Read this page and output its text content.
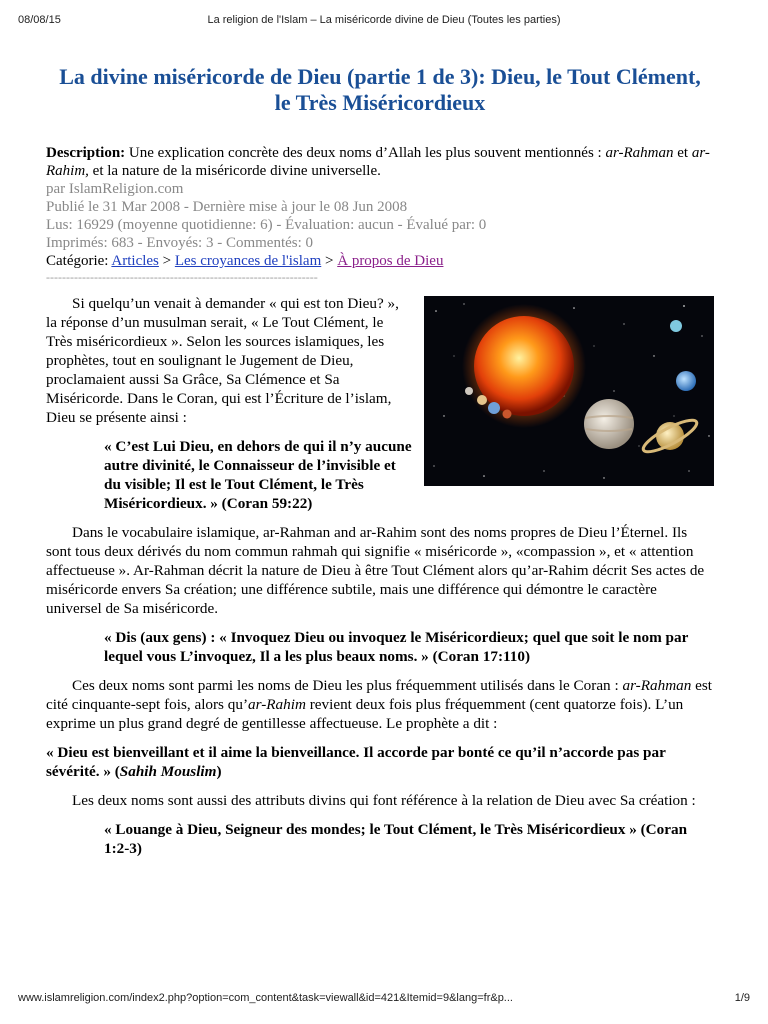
08/08/15	La religion de l'Islam – La miséricorde divine de Dieu (Toutes les parties)
La divine miséricorde de Dieu (partie 1 de 3): Dieu, le Tout Clément, le Très Miséricordieux
Description: Une explication concrète des deux noms d’Allah les plus souvent mentionnés : ar-Rahman et ar-Rahim, et la nature de la miséricorde divine universelle.
par IslamReligion.com
Publié le 31 Mar 2008 - Dernière mise à jour le 08 Jun 2008
Lus: 16929 (moyenne quotidienne: 6) - Évaluation: aucun - Évalué par: 0
Imprimés: 683 - Envoyés: 3 - Commentés: 0
Catégorie: Articles > Les croyances de l'islam > À propos de Dieu
--------------------------------------------------------------------

Si quelqu’un venait à demander « qui est ton Dieu? », la réponse d’un musulman serait, « Le Tout Clément, le Très miséricordieux ». Selon les sources islamiques, les prophètes, tout en soulignant le Jugement de Dieu, proclamaient aussi Sa Grâce, Sa Clémence et Sa Miséricorde. Dans le Coran, qui est l’Écriture de l’islam, Dieu se présente ainsi :

« C’est Lui Dieu, en dehors de qui il n’y aucune autre divinité, le Connaisseur de l’invisible et du visible; Il est le Tout Clément, le Très Miséricordieux. » (Coran 59:22)

Dans le vocabulaire islamique, ar-Rahman and ar-Rahim sont des noms propres de Dieu l’Éternel. Ils sont tous deux dérivés du nom commun rahmah qui signifie « miséricorde », «compassion », et « attention affectueuse ». Ar-Rahman décrit la nature de Dieu à être Tout Clément alors qu’ar-Rahim décrit Ses actes de miséricorde envers Sa création; une différence subtile, mais une différence qui démontre le caractère universel de Sa miséricorde.

« Dis (aux gens) : « Invoquez Dieu ou invoquez le Miséricordieux; quel que soit le nom par lequel vous L’invoquez, Il a les plus beaux noms. » (Coran 17:110)

Ces deux noms sont parmi les noms de Dieu les plus fréquemment utilisés dans le Coran : ar-Rahman est cité cinquante-sept fois, alors qu’ar-Rahim revient deux fois plus fréquemment (cent quatorze fois). L’un exprime un plus grand degré de gentillesse affectueuse. Le prophète a dit :

« Dieu est bienveillant et il aime la bienveillance. Il accorde par bonté ce qu’il n’accorde pas par sévérité. » (Sahih Mouslim)

Les deux noms sont aussi des attributs divins qui font référence à la relation de Dieu avec Sa création :

« Louange à Dieu, Seigneur des mondes; le Tout Clément, le Très Miséricordieux » (Coran 1:2-3)
www.islamreligion.com/index2.php?option=com_content&task=viewall&id=421&Itemid=9&lang=fr&p...	1/9
